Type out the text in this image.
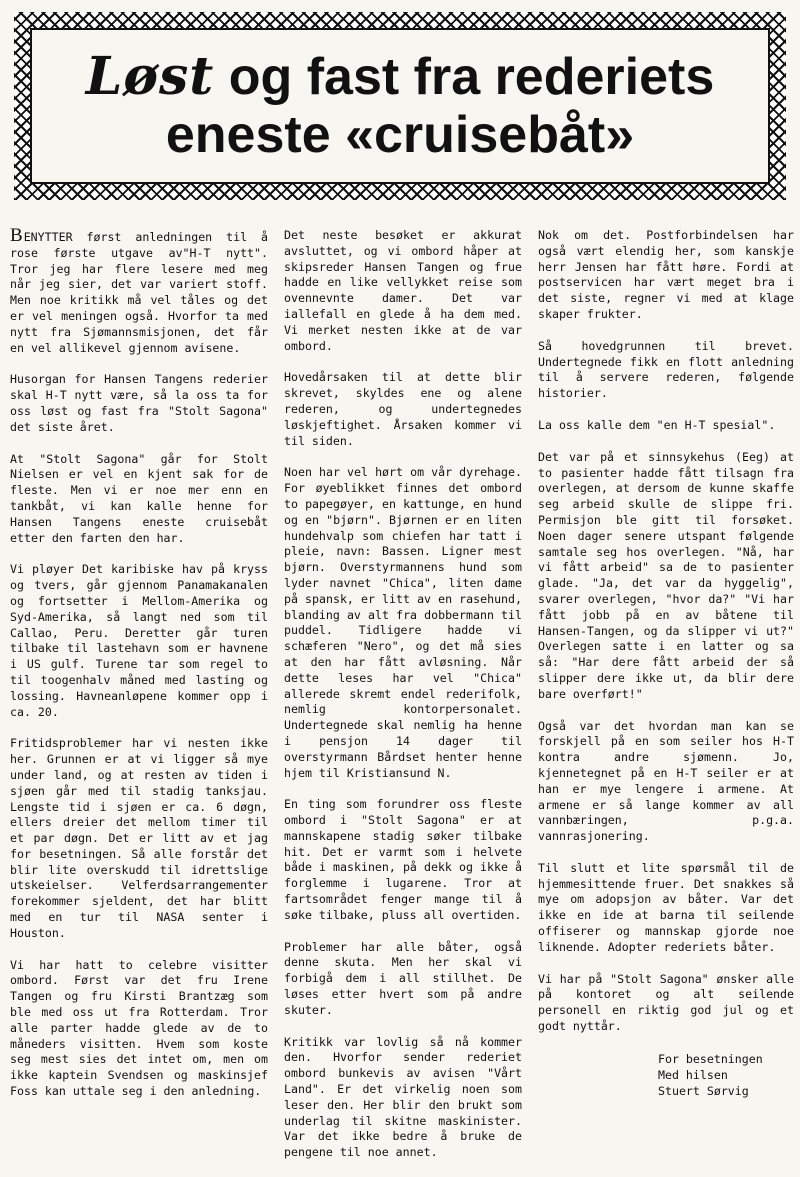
Løst og fast fra rederiets
eneste «cruisebåt»

BENYTTER først anledningen til å rose første utgave av"H-T nytt". Tror jeg har flere lesere med meg når jeg sier, det var variert stoff. Men noe kritikk må vel tåles og det er vel meningen også. Hvorfor ta med nytt fra Sjømannsmisjonen, det får en vel allikevel gjennom avisene.

Husorgan for Hansen Tangens rederier skal H-T nytt være, så la oss ta for oss løst og fast fra "Stolt Sagona" det siste året.

At "Stolt Sagona" går for Stolt Nielsen er vel en kjent sak for de fleste. Men vi er noe mer enn en tankbåt, vi kan kalle henne for Hansen Tangens eneste cruisebåt etter den farten den har.

Vi pløyer Det karibiske hav på kryss og tvers, går gjennom Panamakanalen og fortsetter i Mellom-Amerika og Syd-Amerika, så langt ned som til Callao, Peru. Deretter går turen tilbake til lastehavn som er havnene i US gulf. Turene tar som regel to til toogenhalv måned med lasting og lossing. Havneanløpene kommer opp i ca. 20.

Fritidsproblemer har vi nesten ikke her. Grunnen er at vi ligger så mye under land, og at resten av tiden i sjøen går med til stadig tanksjau. Lengste tid i sjøen er ca. 6 døgn, ellers dreier det mellom timer til et par døgn. Det er litt av et jag for besetningen. Så alle forstår det blir lite overskudd til idrettslige utskeielser. Velferdsarrangementer forekommer sjeldent, det har blitt med en tur til NASA senter i Houston.

Vi har hatt to celebre visitter ombord. Først var det fru Irene Tangen og fru Kirsti Brantzæg som ble med oss ut fra Rotterdam. Tror alle parter hadde glede av de to måneders visitten. Hvem som koste seg mest sies det intet om, men om ikke kaptein Svendsen og maskinsjef Foss kan uttale seg i den anledning.

Det neste besøket er akkurat avsluttet, og vi ombord håper at skipsreder Hansen Tangen og frue hadde en like vellykket reise som ovennevnte damer. Det var iallefall en glede å ha dem med. Vi merket nesten ikke at de var ombord.

Hovedårsaken til at dette blir skrevet, skyldes ene og alene rederen, og undertegnedes løskjeftighet. Årsaken kommer vi til siden.

Noen har vel hørt om vår dyrehage. For øyeblikket finnes det ombord to papegøyer, en kattunge, en hund og en "bjørn". Bjørnen er en liten hundehvalp som chiefen har tatt i pleie, navn: Bassen. Ligner mest bjørn. Overstyrmannens hund som lyder navnet "Chica", liten dame på spansk, er litt av en rasehund, blanding av alt fra dobbermann til puddel. Tidligere hadde vi schæferen "Nero", og det må sies at den har fått avløsning. Når dette leses har vel "Chica" allerede skremt endel rederifolk, nemlig kontorpersonalet. Undertegnede skal nemlig ha henne i pensjon 14 dager til overstyrmann Bårdset henter henne hjem til Kristiansund N.

En ting som forundrer oss fleste ombord i "Stolt Sagona" er at mannskapene stadig søker tilbake hit. Det er varmt som i helvete både i maskinen, på dekk og ikke å forglemme i lugarene. Tror at fartsområdet fenger mange til å søke tilbake, pluss all overtiden.

Problemer har alle båter, også denne skuta. Men her skal vi forbigå dem i all stillhet. De løses etter hvert som på andre skuter.

Kritikk var lovlig så nå kommer den. Hvorfor sender rederiet ombord bunkevis av avisen "Vårt Land". Er det virkelig noen som leser den. Her blir den brukt som underlag til skitne maskinister. Var det ikke bedre å bruke de pengene til noe annet.

Nok om det. Postforbindelsen har også vært elendig her, som kanskje herr Jensen har fått høre. Fordi at postservicen har vært meget bra i det siste, regner vi med at klage skaper frukter.

Så hovedgrunnen til brevet. Undertegnede fikk en flott anledning til å servere rederen, følgende historier.

La oss kalle dem "en H-T spesial".

Det var på et sinnsykehus (Eeg) at to pasienter hadde fått tilsagn fra overlegen, at dersom de kunne skaffe seg arbeid skulle de slippe fri. Permisjon ble gitt til forsøket. Noen dager senere utspant følgende samtale seg hos overlegen. "Nå, har vi fått arbeid" sa de to pasienter glade. "Ja, det var da hyggelig", svarer overlegen, "hvor da?" "Vi har fått jobb på en av båtene til Hansen-Tangen, og da slipper vi ut?" Overlegen satte i en latter og sa så: "Har dere fått arbeid der så slipper dere ikke ut, da blir dere bare overført!"

Også var det hvordan man kan se forskjell på en som seiler hos H-T kontra andre sjømenn. Jo, kjennetegnet på en H-T seiler er at han er mye lengere i armene. At armene er så lange kommer av all vannbæringen, p.g.a. vannrasjonering.

Til slutt et lite spørsmål til de hjemmesittende fruer. Det snakkes så mye om adopsjon av båter. Var det ikke en ide at barna til seilende offiserer og mannskap gjorde noe liknende. Adopter rederiets båter.

Vi har på "Stolt Sagona" ønsker alle på kontoret og alt seilende personell en riktig god jul og et godt nyttår.

For besetningen
Med hilsen
Stuert Sørvig
